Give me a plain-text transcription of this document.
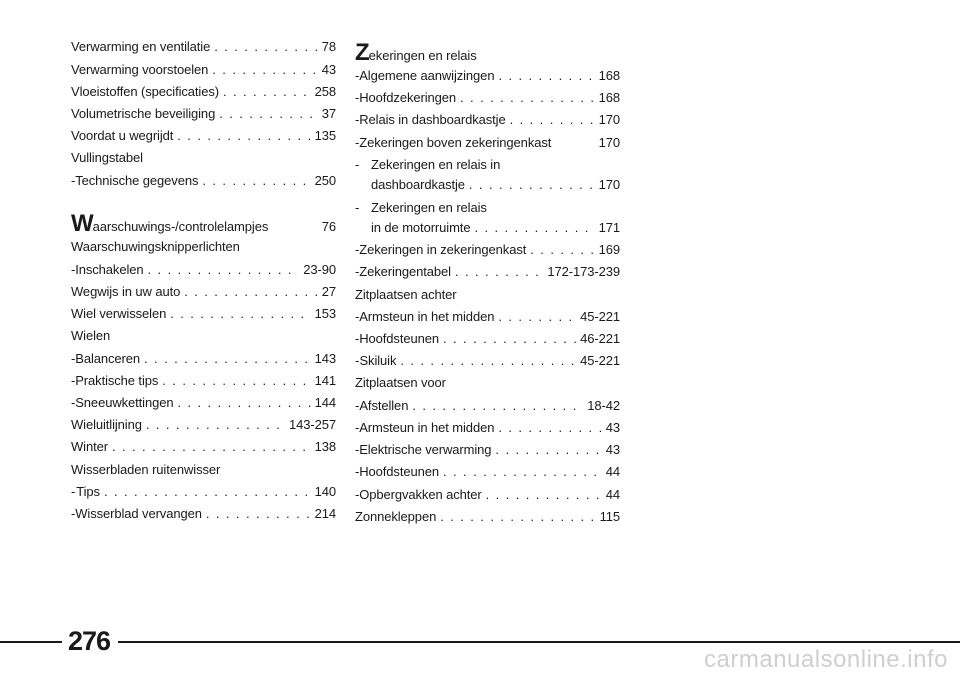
Verwarming en ventilatie . . .	78
Verwarming voorstoelen . . .	43
Vloeistoffen (specificaties) . . .	258
Volumetrische beveiliging . . .	37
Voordat u wegrijdt . . .	135
Vullingstabel
- Technische gegevens . . .	250
Waarschuwings-/controlelampjes	76
Waarschuwingsknipperlichten
- Inschakelen . . .	23-90
Wegwijs in uw auto . . .	27
Wiel verwisselen . . .	153
Wielen
- Balanceren . . .	143
- Praktische tips . . .	141
- Sneeuwkettingen . . .	144
Wieluitlijning . . .	143-257
Winter . . .	138
Wisserbladen ruitenwisser
- Tips . . .	140
- Wisserblad vervangen . . .	214
Zekeringen en relais
- Algemene aanwijzingen . . .	168
- Hoofdzekeringen . . .	168
- Relais in dashboardkastje . . .	170
- Zekeringen boven zekeringenkast	170
- Zekeringen en relais in
dashboardkastje . . .	170
- Zekeringen en relais
in de motorruimte . . .	171
- Zekeringen in zekeringenkast . . .	169
- Zekeringentabel . . .	172-173-239
Zitplaatsen achter
- Armsteun in het midden . . .	45-221
- Hoofdsteunen . . .	46-221
- Skiluik . . .	45-221
Zitplaatsen voor
- Afstellen . . .	18-42
- Armsteun in het midden . . .	43
- Elektrische verwarming . . .	43
- Hoofdsteunen . . .	44
- Opbergvakken achter . . .	44
Zonnekleppen . . .	115
276
carmanualsonline.info
